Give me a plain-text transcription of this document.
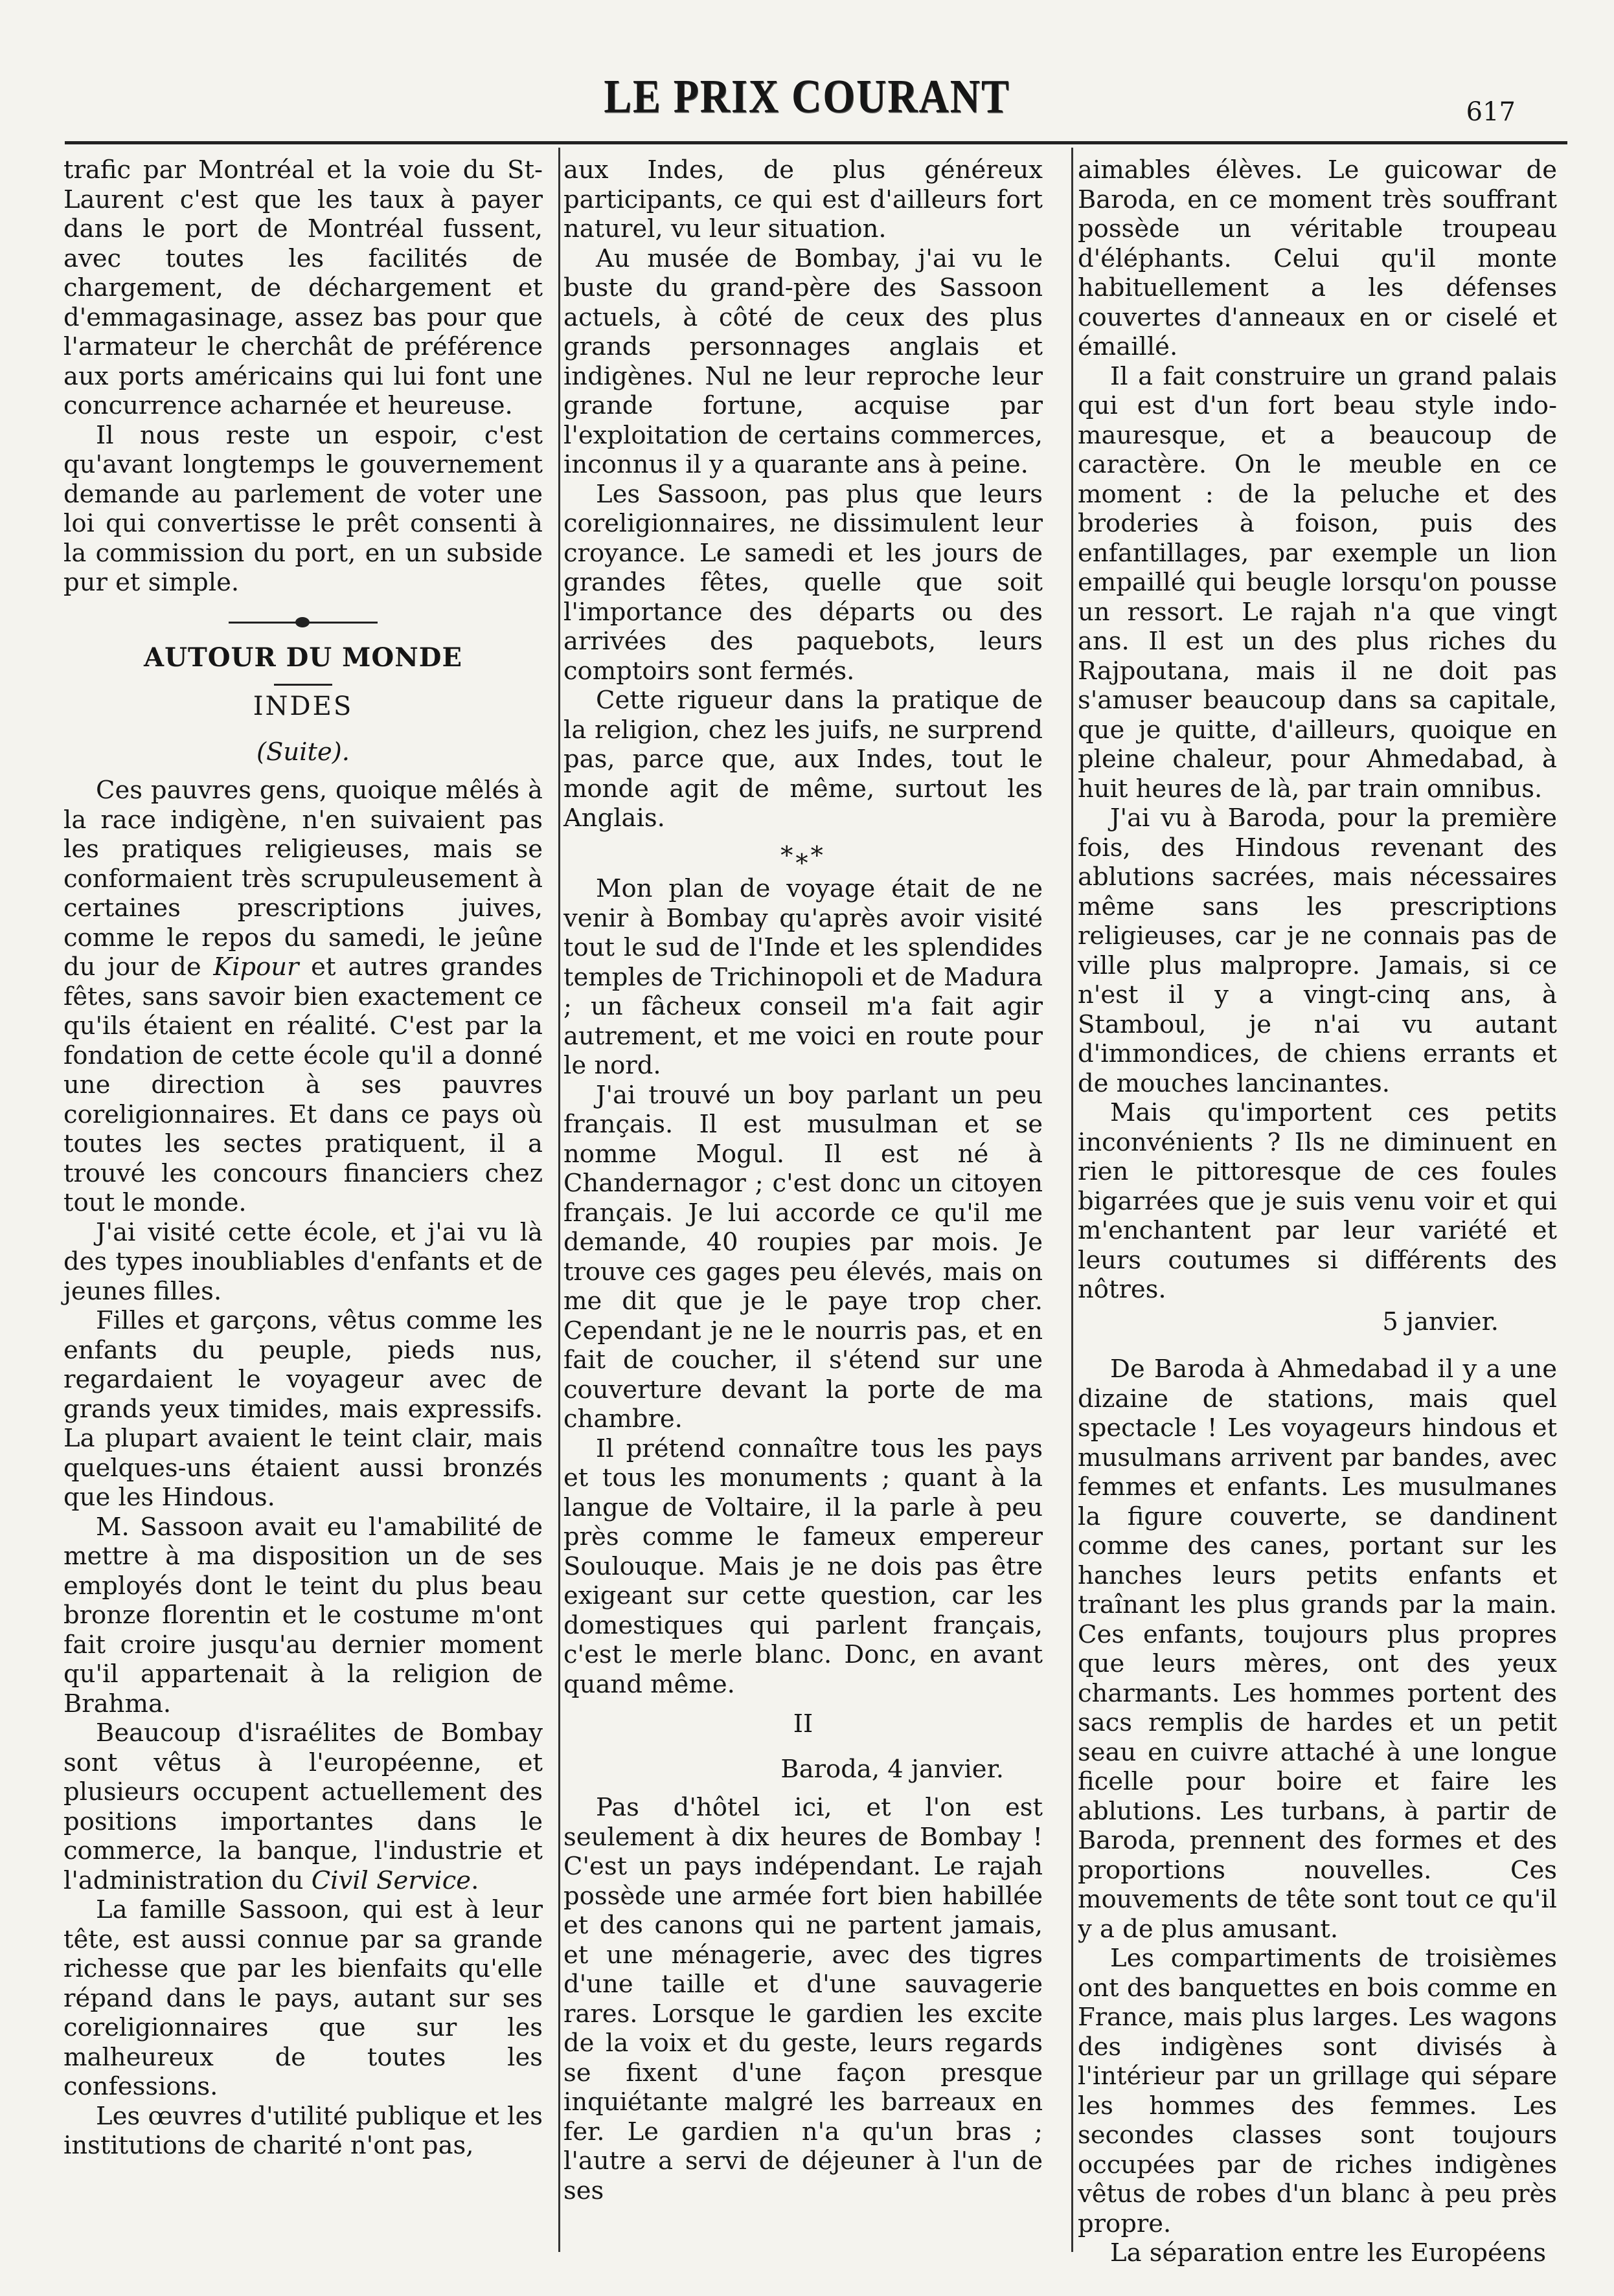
LE PRIX COURANT	617

trafic par Montréal et la voie du St-Laurent c'est que les taux à payer dans le port de Montréal fussent, avec toutes les facilités de chargement, de déchargement et d'emmagasinage, assez bas pour que l'armateur le cherchât de préférence aux ports américains qui lui font une concurrence acharnée et heureuse.

Il nous reste un espoir, c'est qu'avant longtemps le gouvernement demande au parlement de voter une loi qui convertisse le prêt consenti à la commission du port, en un subside pur et simple.

AUTOUR DU MONDE
INDES
(Suite).

Ces pauvres gens, quoique mêlés à la race indigène, n'en suivaient pas les pratiques religieuses, mais se conformaient très scrupuleusement à certaines prescriptions juives, comme le repos du samedi, le jeûne du jour de Kipour et autres grandes fêtes, sans savoir bien exactement ce qu'ils étaient en réalité. C'est par la fondation de cette école qu'il a donné une direction à ses pauvres coreligionnaires. Et dans ce pays où toutes les sectes pratiquent, il a trouvé les concours financiers chez tout le monde.

J'ai visité cette école, et j'ai vu là des types inoubliables d'enfants et de jeunes filles.

Filles et garçons, vêtus comme les enfants du peuple, pieds nus, regardaient le voyageur avec de grands yeux timides, mais expressifs. La plupart avaient le teint clair, mais quelques-uns étaient aussi bronzés que les Hindous.

M. Sassoon avait eu l'amabilité de mettre à ma disposition un de ses employés dont le teint du plus beau bronze florentin et le costume m'ont fait croire jusqu'au dernier moment qu'il appartenait à la religion de Brahma.

Beaucoup d'israélites de Bombay sont vêtus à l'européenne, et plusieurs occupent actuellement des positions importantes dans le commerce, la banque, l'industrie et l'administration du Civil Service.

La famille Sassoon, qui est à leur tête, est aussi connue par sa grande richesse que par les bienfaits qu'elle répand dans le pays, autant sur ses coreligionnaires que sur les malheureux de toutes les confessions.

Les œuvres d'utilité publique et les institutions de charité n'ont pas,

aux Indes, de plus généreux participants, ce qui est d'ailleurs fort naturel, vu leur situation.

Au musée de Bombay, j'ai vu le buste du grand-père des Sassoon actuels, à côté de ceux des plus grands personnages anglais et indigènes. Nul ne leur reproche leur grande fortune, acquise par l'exploitation de certains commerces, inconnus il y a quarante ans à peine.

Les Sassoon, pas plus que leurs coreligionnaires, ne dissimulent leur croyance. Le samedi et les jours de grandes fêtes, quelle que soit l'importance des départs ou des arrivées des paquebots, leurs comptoirs sont fermés.

Cette rigueur dans la pratique de la religion, chez les juifs, ne surprend pas, parce que, aux Indes, tout le monde agit de même, surtout les Anglais.

*⁎*

Mon plan de voyage était de ne venir à Bombay qu'après avoir visité tout le sud de l'Inde et les splendides temples de Trichinopoli et de Madura ; un fâcheux conseil m'a fait agir autrement, et me voici en route pour le nord.

J'ai trouvé un boy parlant un peu français. Il est musulman et se nomme Mogul. Il est né à Chandernagor ; c'est donc un citoyen français. Je lui accorde ce qu'il me demande, 40 roupies par mois. Je trouve ces gages peu élevés, mais on me dit que je le paye trop cher. Cependant je ne le nourris pas, et en fait de coucher, il s'étend sur une couverture devant la porte de ma chambre.

Il prétend connaître tous les pays et tous les monuments ; quant à la langue de Voltaire, il la parle à peu près comme le fameux empereur Soulouque. Mais je ne dois pas être exigeant sur cette question, car les domestiques qui parlent français, c'est le merle blanc. Donc, en avant quand même.

II
Baroda, 4 janvier.

Pas d'hôtel ici, et l'on est seulement à dix heures de Bombay ! C'est un pays indépendant. Le rajah possède une armée fort bien habillée et des canons qui ne partent jamais, et une ménagerie, avec des tigres d'une taille et d'une sauvagerie rares. Lorsque le gardien les excite de la voix et du geste, leurs regards se fixent d'une façon presque inquiétante malgré les barreaux en fer. Le gardien n'a qu'un bras ; l'autre a servi de déjeuner à l'un de ses

aimables élèves. Le guicowar de Baroda, en ce moment très souffrant possède un véritable troupeau d'éléphants. Celui qu'il monte habituellement a les défenses couvertes d'anneaux en or ciselé et émaillé.

Il a fait construire un grand palais qui est d'un fort beau style indo-mauresque, et a beaucoup de caractère. On le meuble en ce moment : de la peluche et des broderies à foison, puis des enfantillages, par exemple un lion empaillé qui beugle lorsqu'on pousse un ressort. Le rajah n'a que vingt ans. Il est un des plus riches du Rajpoutana, mais il ne doit pas s'amuser beaucoup dans sa capitale, que je quitte, d'ailleurs, quoique en pleine chaleur, pour Ahmedabad, à huit heures de là, par train omnibus.

J'ai vu à Baroda, pour la première fois, des Hindous revenant des ablutions sacrées, mais nécessaires même sans les prescriptions religieuses, car je ne connais pas de ville plus malpropre. Jamais, si ce n'est il y a vingt-cinq ans, à Stamboul, je n'ai vu autant d'immondices, de chiens errants et de mouches lancinantes.

Mais qu'importent ces petits inconvénients ? Ils ne diminuent en rien le pittoresque de ces foules bigarrées que je suis venu voir et qui m'enchantent par leur variété et leurs coutumes si différents des nôtres.

5 janvier.

De Baroda à Ahmedabad il y a une dizaine de stations, mais quel spectacle ! Les voyageurs hindous et musulmans arrivent par bandes, avec femmes et enfants. Les musulmanes la figure couverte, se dandinent comme des canes, portant sur les hanches leurs petits enfants et traînant les plus grands par la main. Ces enfants, toujours plus propres que leurs mères, ont des yeux charmants. Les hommes portent des sacs remplis de hardes et un petit seau en cuivre attaché à une longue ficelle pour boire et faire les ablutions. Les turbans, à partir de Baroda, prennent des formes et des proportions nouvelles. Ces mouvements de tête sont tout ce qu'il y a de plus amusant.

Les compartiments de troisièmes ont des banquettes en bois comme en France, mais plus larges. Les wagons des indigènes sont divisés à l'intérieur par un grillage qui sépare les hommes des femmes. Les secondes classes sont toujours occupées par de riches indigènes vêtus de robes d'un blanc à peu près propre.

La séparation entre les Européens
